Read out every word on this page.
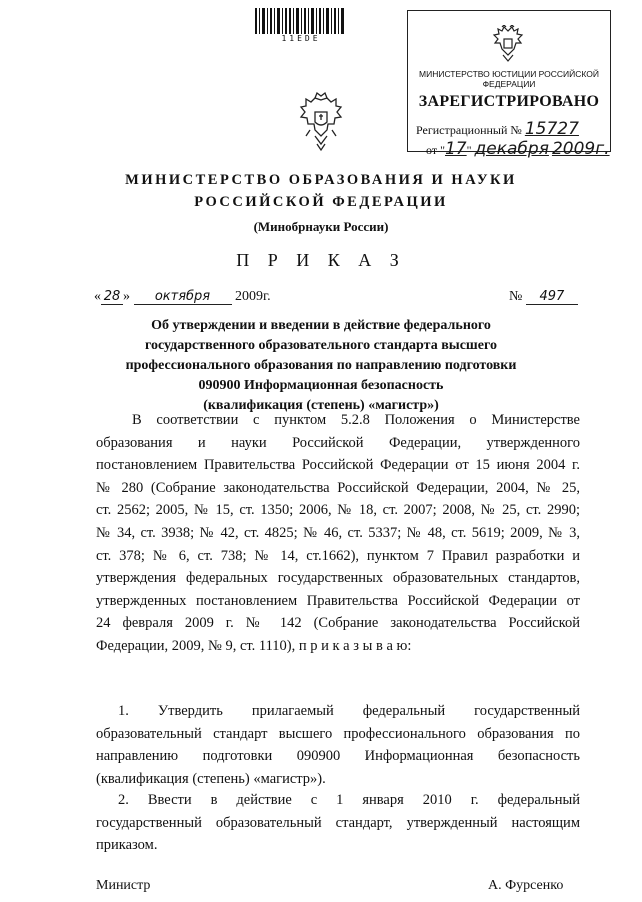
11EDE
МИНИСТЕРСТВО ЮСТИЦИИ РОССИЙСКОЙ ФЕДЕРАЦИИ
ЗАРЕГИСТРИРОВАНО
Регистрационный № 15727
от "17" декабря 2009г.
МИНИСТЕРСТВО ОБРАЗОВАНИЯ И НАУКИ
РОССИЙСКОЙ ФЕДЕРАЦИИ
(Минобрнауки России)
П Р И К А З
« 28 » октября 2009г.	№ 497
Об утверждении и введении в действие федерального
государственного образовательного стандарта высшего
профессионального образования по направлению подготовки
090900 Информационная безопасность
(квалификация (степень) «магистр»)
В соответствии с пунктом 5.2.8 Положения о Министерстве
образования и науки Российской Федерации, утвержденного
постановлением Правительства Российской Федерации от 15 июня 2004 г.
№ 280 (Собрание законодательства Российской Федерации, 2004, № 25,
ст. 2562; 2005, № 15, ст. 1350; 2006, № 18, ст. 2007; 2008, № 25, ст. 2990;
№ 34, ст. 3938; № 42, ст. 4825; № 46, ст. 5337; № 48, ст. 5619; 2009, № 3,
ст. 378; № 6, ст. 738; № 14, ст.1662), пунктом 7 Правил разработки и
утверждения федеральных государственных образовательных стандартов,
утвержденных постановлением Правительства Российской Федерации от
24 февраля 2009 г. № 142 (Собрание законодательства Российской
Федерации, 2009, № 9, ст. 1110), п р и к а з ы в а ю:
1. Утвердить прилагаемый федеральный государственный
образовательный стандарт высшего профессионального образования по
направлению подготовки 090900 Информационная безопасность
(квалификация (степень) «магистр»).
2. Ввести в действие с 1 января 2010 г. федеральный
государственный образовательный стандарт, утвержденный настоящим
приказом.
Министр	А. Фурсенко
